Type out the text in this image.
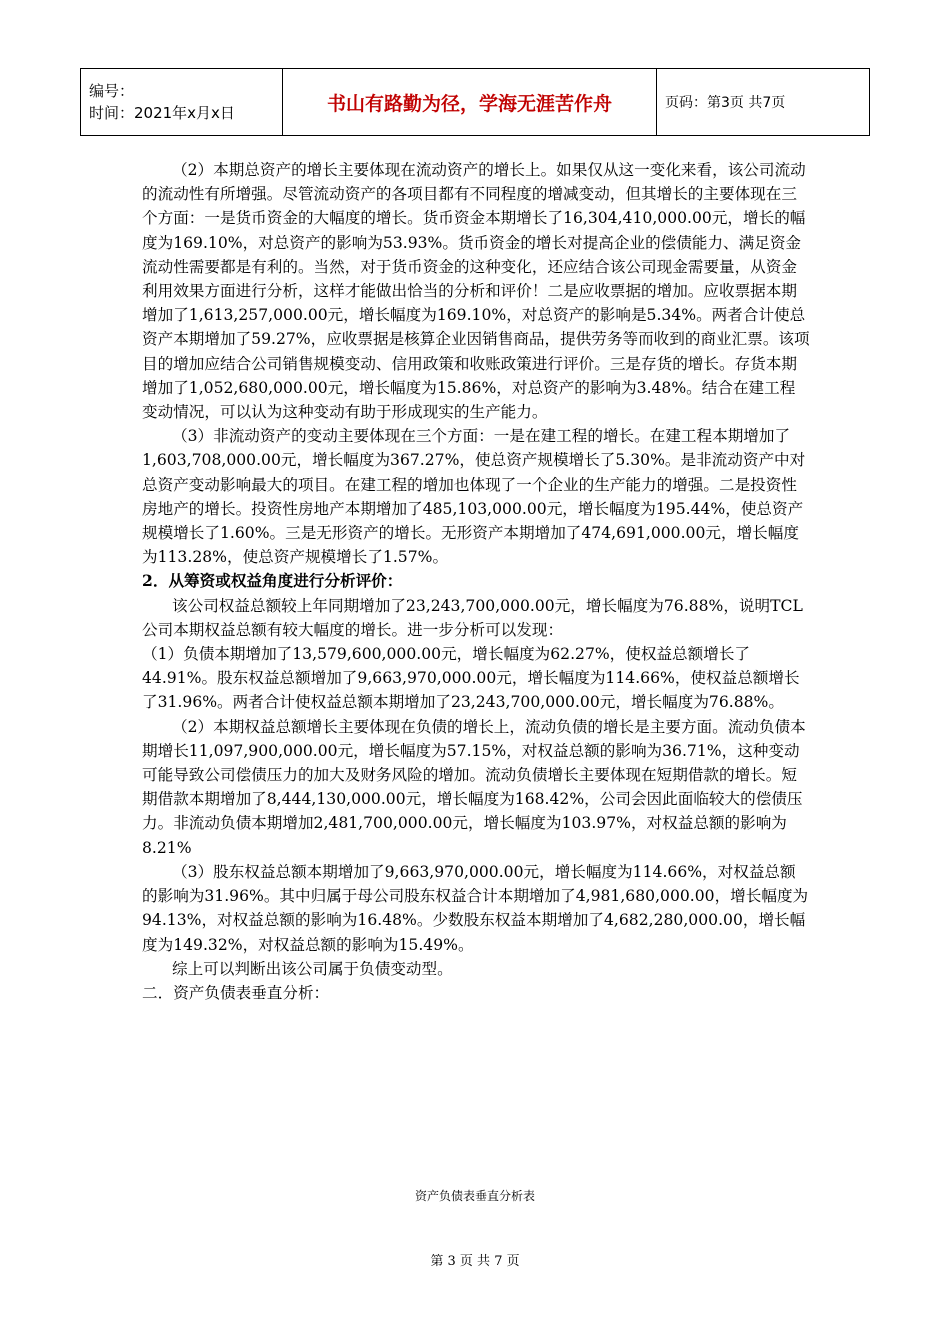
编号：
时间：2021年x月x日	书山有路勤为径，学海无涯苦作舟	页码：第3页 共7页

（2）本期总资产的增长主要体现在流动资产的增长上。如果仅从这一变化来看，该公司流动的流动性有所增强。尽管流动资产的各项目都有不同程度的增减变动，但其增长的主要体现在三个方面：一是货币资金的大幅度的增长。货币资金本期增长了16,304,410,000.00元，增长的幅度为169.10%，对总资产的影响为53.93%。货币资金的增长对提高企业的偿债能力、满足资金流动性需要都是有利的。当然，对于货币资金的这种变化，还应结合该公司现金需要量，从资金利用效果方面进行分析，这样才能做出恰当的分析和评价！二是应收票据的增加。应收票据本期增加了1,613,257,000.00元，增长幅度为169.10%，对总资产的影响是5.34%。两者合计使总资产本期增加了59.27%，应收票据是核算企业因销售商品，提供劳务等而收到的商业汇票。该项目的增加应结合公司销售规模变动、信用政策和收账政策进行评价。三是存货的增长。存货本期增加了1,052,680,000.00元，增长幅度为15.86%，对总资产的影响为3.48%。结合在建工程变动情况，可以认为这种变动有助于形成现实的生产能力。

（3）非流动资产的变动主要体现在三个方面：一是在建工程的增长。在建工程本期增加了1,603,708,000.00元，增长幅度为367.27%，使总资产规模增长了5.30%。是非流动资产中对总资产变动影响最大的项目。在建工程的增加也体现了一个企业的生产能力的增强。二是投资性房地产的增长。投资性房地产本期增加了485,103,000.00元，增长幅度为195.44%，使总资产规模增长了1.60%。三是无形资产的增长。无形资产本期增加了474,691,000.00元，增长幅度为113.28%，使总资产规模增长了1.57%。

2．从筹资或权益角度进行分析评价：

该公司权益总额较上年同期增加了23,243,700,000.00元，增长幅度为76.88%，说明TCL公司本期权益总额有较大幅度的增长。进一步分析可以发现：

（1）负债本期增加了13,579,600,000.00元，增长幅度为62.27%，使权益总额增长了44.91%。股东权益总额增加了9,663,970,000.00元，增长幅度为114.66%，使权益总额增长了31.96%。两者合计使权益总额本期增加了23,243,700,000.00元，增长幅度为76.88%。

（2）本期权益总额增长主要体现在负债的增长上，流动负债的增长是主要方面。流动负债本期增长11,097,900,000.00元，增长幅度为57.15%，对权益总额的影响为36.71%，这种变动可能导致公司偿债压力的加大及财务风险的增加。流动负债增长主要体现在短期借款的增长。短期借款本期增加了8,444,130,000.00元，增长幅度为168.42%，公司会因此面临较大的偿债压力。非流动负债本期增加2,481,700,000.00元，增长幅度为103.97%，对权益总额的影响为8.21%

（3）股东权益总额本期增加了9,663,970,000.00元，增长幅度为114.66%，对权益总额的影响为31.96%。其中归属于母公司股东权益合计本期增加了4,981,680,000.00，增长幅度为94.13%，对权益总额的影响为16.48%。少数股东权益本期增加了4,682,280,000.00，增长幅度为149.32%，对权益总额的影响为15.49%。

综上可以判断出该公司属于负债变动型。

二．资产负债表垂直分析：

资产负债表垂直分析表
第 3 页 共 7 页
